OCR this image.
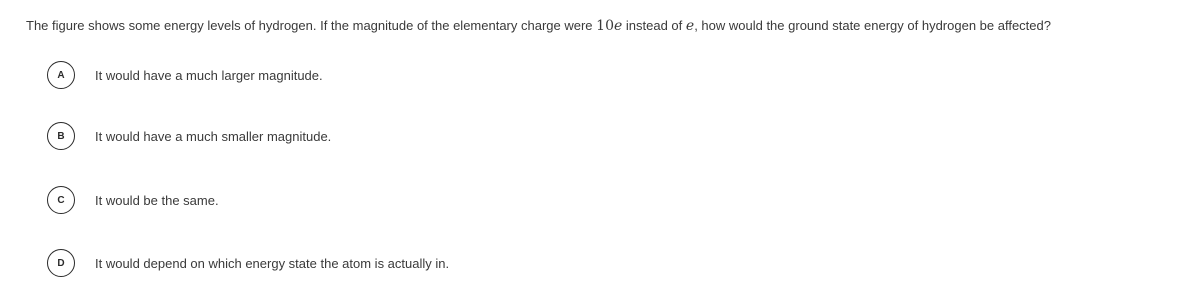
The figure shows some energy levels of hydrogen. If the magnitude of the elementary charge were 10e instead of e, how would the ground state energy of hydrogen be affected?
A	It would have a much larger magnitude.
B	It would have a much smaller magnitude.
C	It would be the same.
D	It would depend on which energy state the atom is actually in.
